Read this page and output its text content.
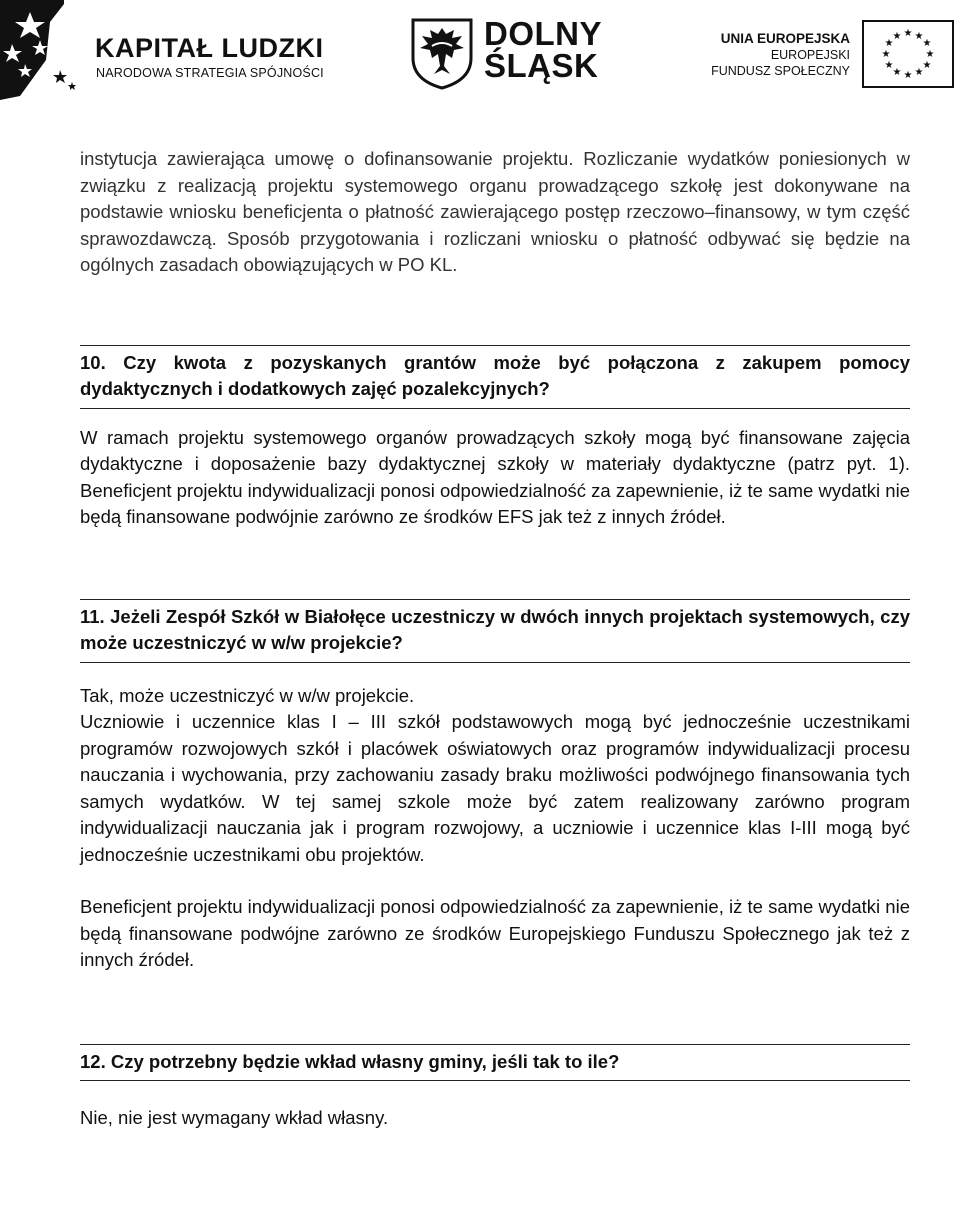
KAPITAŁ LUDZKI
NARODOWA STRATEGIA SPÓJNOŚCI
DOLNY
ŚLĄSK
UNIA EUROPEJSKA
EUROPEJSKI
FUNDUSZ SPOŁECZNY
★ ★
★
★
★
★
★
★
★
★
★
★

instytucja zawierająca umowę o dofinansowanie projektu. Rozliczanie wydatków poniesionych w związku z realizacją projektu systemowego organu prowadzącego szkołę jest dokonywane na podstawie wniosku beneficjenta o płatność zawierającego postęp rzeczowo–finansowy, w tym część sprawozdawczą. Sposób przygotowania i rozliczani wniosku o płatność odbywać się będzie na ogólnych zasadach obowiązujących w PO KL.

10. Czy kwota z pozyskanych grantów może być połączona z zakupem pomocy dydaktycznych i dodatkowych zajęć pozalekcyjnych?

W ramach projektu systemowego organów prowadzących szkoły mogą być finansowane zajęcia dydaktyczne i doposażenie bazy dydaktycznej szkoły w materiały dydaktyczne (patrz pyt. 1). Beneficjent projektu indywidualizacji ponosi odpowiedzialność za zapewnienie, iż te same wydatki nie będą finansowane podwójnie zarówno ze środków EFS jak też z innych źródeł.

11. Jeżeli Zespół Szkół w Białołęce uczestniczy w dwóch innych projektach systemowych, czy może uczestniczyć w w/w projekcie?

Tak, może uczestniczyć w w/w projekcie.

Uczniowie i uczennice klas I – III szkół podstawowych mogą być jednocześnie uczestnikami programów rozwojowych szkół i placówek oświatowych oraz programów indywidualizacji procesu nauczania i wychowania, przy zachowaniu zasady braku możliwości podwójnego finansowania tych samych wydatków. W tej samej szkole może być zatem realizowany zarówno program indywidualizacji nauczania jak i program rozwojowy, a uczniowie i uczennice klas I-III mogą być jednocześnie uczestnikami obu projektów.

Beneficjent projektu indywidualizacji ponosi odpowiedzialność za zapewnienie, iż te same wydatki nie będą finansowane podwójne zarówno ze środków Europejskiego Funduszu Społecznego jak też z innych źródeł.

12. Czy potrzebny będzie wkład własny gminy, jeśli tak to ile?

Nie, nie jest wymagany wkład własny.
